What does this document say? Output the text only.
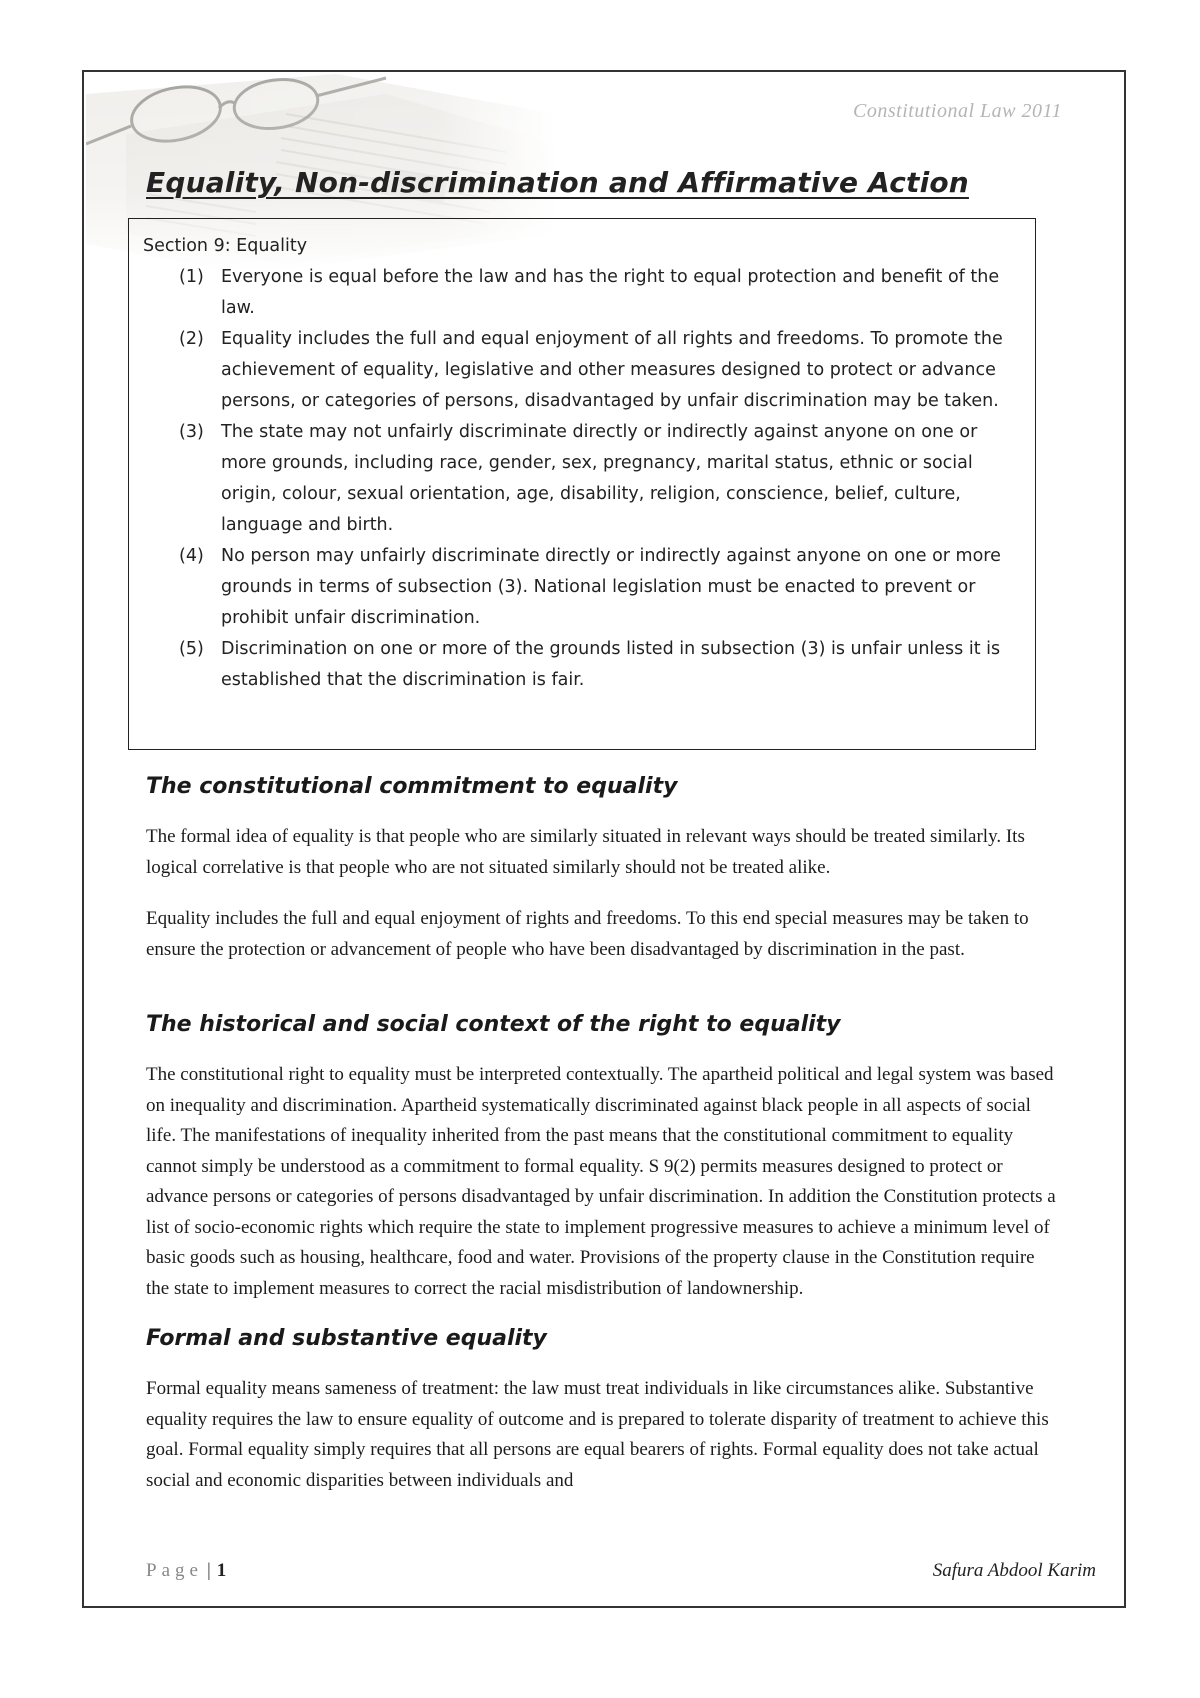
Constitutional Law 2011
Equality, Non-discrimination and Affirmative Action

Section 9: Equality

(1) Everyone is equal before the law and has the right to equal protection and benefit of the law.
(2) Equality includes the full and equal enjoyment of all rights and freedoms. To promote the achievement of equality, legislative and other measures designed to protect or advance persons, or categories of persons, disadvantaged by unfair discrimination may be taken.
(3) The state may not unfairly discriminate directly or indirectly against anyone on one or more grounds, including race, gender, sex, pregnancy, marital status, ethnic or social origin, colour, sexual orientation, age, disability, religion, conscience, belief, culture, language and birth.
(4) No person may unfairly discriminate directly or indirectly against anyone on one or more grounds in terms of subsection (3). National legislation must be enacted to prevent or prohibit unfair discrimination.
(5) Discrimination on one or more of the grounds listed in subsection (3) is unfair unless it is established that the discrimination is fair.
The constitutional commitment to equality

The formal idea of equality is that people who are similarly situated in relevant ways should be treated similarly. Its logical correlative is that people who are not situated similarly should not be treated alike.

Equality includes the full and equal enjoyment of rights and freedoms. To this end special measures may be taken to ensure the protection or advancement of people who have been disadvantaged by discrimination in the past.

The historical and social context of the right to equality

The constitutional right to equality must be interpreted contextually. The apartheid political and legal system was based on inequality and discrimination. Apartheid systematically discriminated against black people in all aspects of social life. The manifestations of inequality inherited from the past means that the constitutional commitment to equality cannot simply be understood as a commitment to formal equality. S 9(2) permits measures designed to protect or advance persons or categories of persons disadvantaged by unfair discrimination. In addition the Constitution protects a list of socio-economic rights which require the state to implement progressive measures to achieve a minimum level of basic goods such as housing, healthcare, food and water. Provisions of the property clause in the Constitution require the state to implement measures to correct the racial misdistribution of landownership.

Formal and substantive equality

Formal equality means sameness of treatment: the law must treat individuals in like circumstances alike. Substantive equality requires the law to ensure equality of outcome and is prepared to tolerate disparity of treatment to achieve this goal. Formal equality simply requires that all persons are equal bearers of rights. Formal equality does not take actual social and economic disparities between individuals and

Page | 1	Safura Abdool Karim
